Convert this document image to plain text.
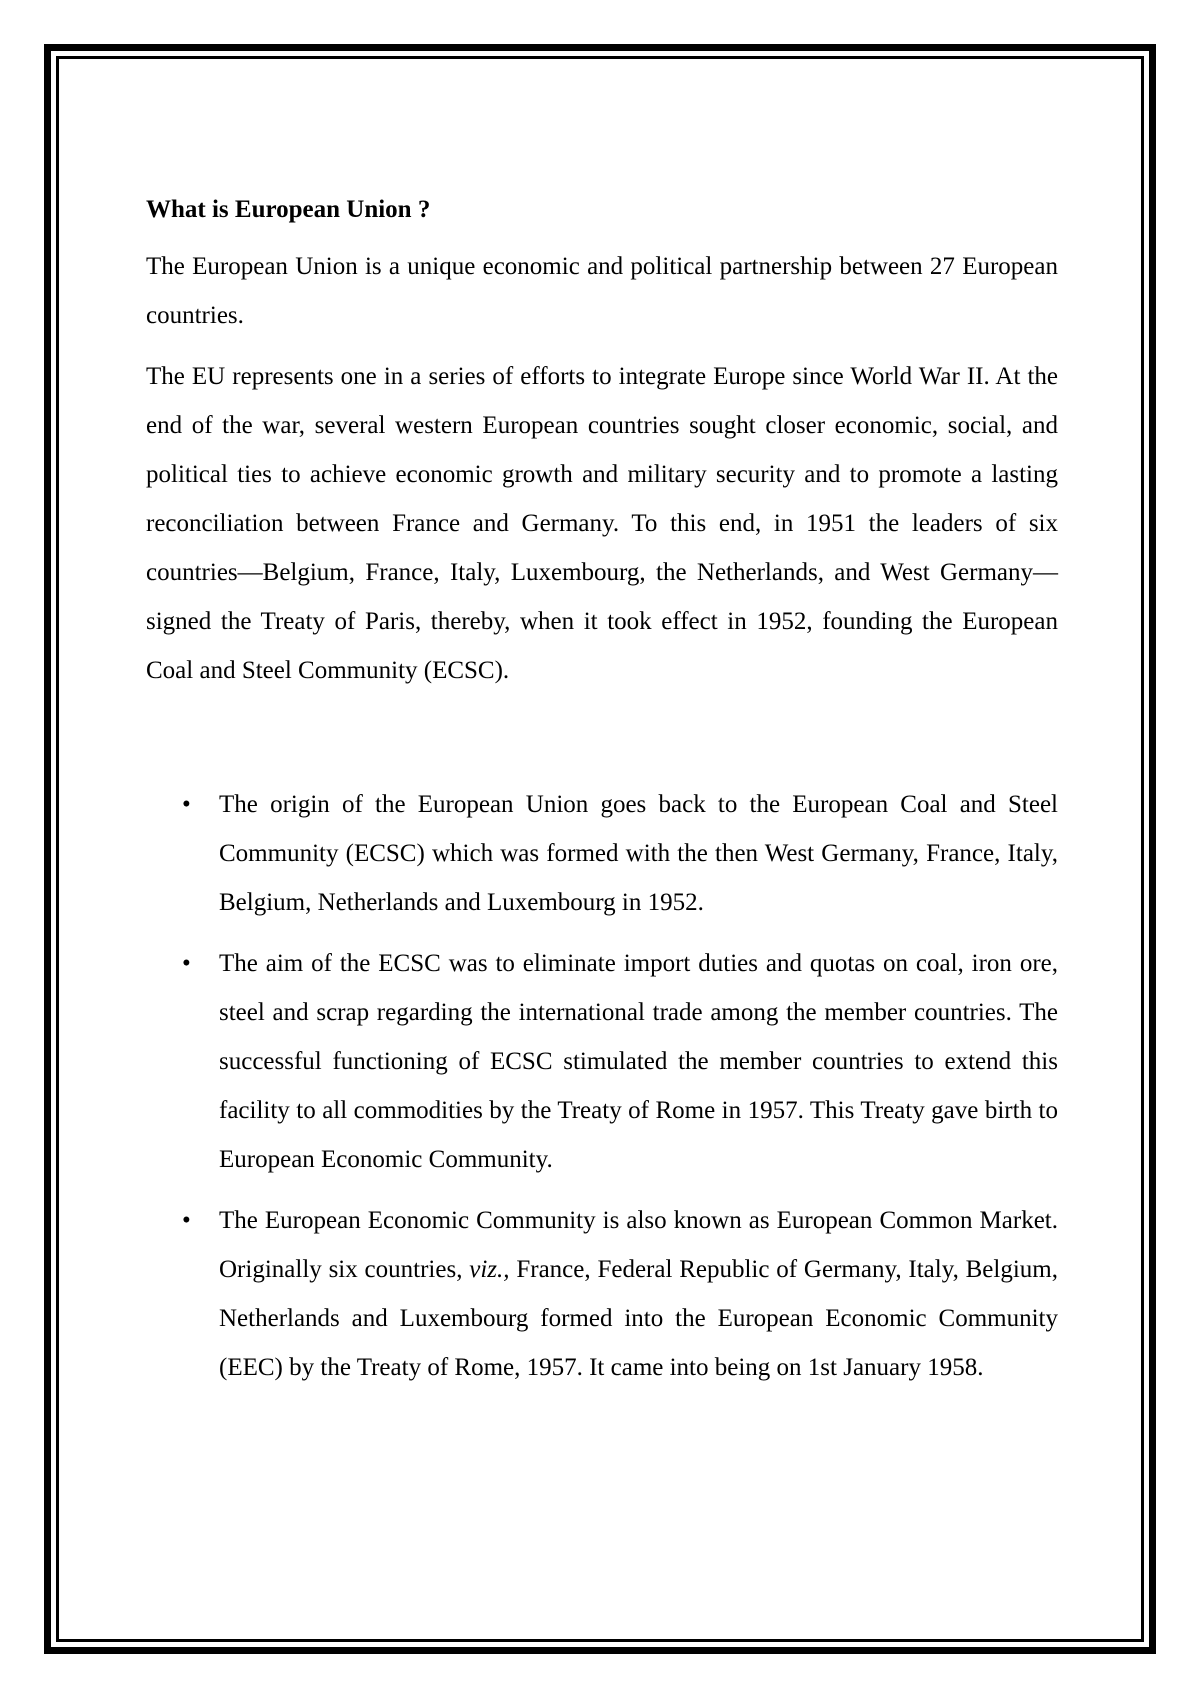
What is European Union ?

The European Union is a unique economic and political partnership between 27 European countries.

The EU represents one in a series of efforts to integrate Europe since World War II. At the end of the war, several western European countries sought closer economic, social, and political ties to achieve economic growth and military security and to promote a lasting reconciliation between France and Germany. To this end, in 1951 the leaders of six countries—Belgium, France, Italy, Luxembourg, the Netherlands, and West Germany—signed the Treaty of Paris, thereby, when it took effect in 1952, founding the European Coal and Steel Community (ECSC).

• The origin of the European Union goes back to the European Coal and Steel Community (ECSC) which was formed with the then West Germany, France, Italy, Belgium, Netherlands and Luxembourg in 1952.
• The aim of the ECSC was to eliminate import duties and quotas on coal, iron ore, steel and scrap regarding the international trade among the member countries. The successful functioning of ECSC stimulated the member countries to extend this facility to all commodities by the Treaty of Rome in 1957. This Treaty gave birth to European Economic Community.
• The European Economic Community is also known as European Common Market. Originally six countries, viz., France, Federal Republic of Germany, Italy, Belgium, Netherlands and Luxembourg formed into the European Economic Community (EEC) by the Treaty of Rome, 1957. It came into being on 1st January 1958.
